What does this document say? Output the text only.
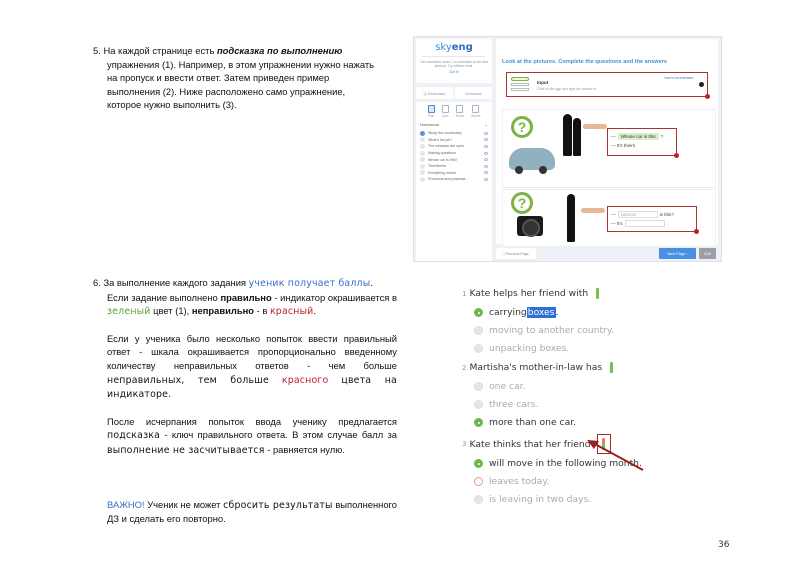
5. На каждой странице есть подсказка по выполнению
упражнения (1). Например, в этом упражнении нужно нажать
на пропуск и ввести ответ. Затем приведен пример
выполнения (2). Ниже расположено само упражнение,
которое нужно выполнить (3).
skyeng
Get maximum score. Do exercises at the first attempt. Try without hints.
Got it!
Q Dictionary	Grammar
Plan Quiz Notes Words
Homework	⌄
Study the vocabulary
What's his job?
The windows are open
Making questions
Whose car is this?
Their/theirs
Everything mixed
Pronouns and possessi...
Look at the pictures. Complete the questions and the answers
Input
Click on the gap and type the answer in
How to do exercises
?
—	Whose car is this	?
— It's theirs.
?
—	camera	is this?
— It's	.
‹ Previous Page	Next Page ›	Exit
6. За выполнение каждого задания ученик получает баллы.
Если задание выполнено правильно - индикатор окрашивается в зеленый цвет (1), неправильно - в красный.
Если у ученика было несколько попыток ввести правильный ответ - шкала окрашивается пропорционально введенному количеству неправильных ответов - чем больше неправильных, тем больше красного цвета на индикаторе.
После исчерпания попыток ввода ученику предлагается подсказка - ключ правильного ответа. В этом случае балл за выполнение не засчитывается - равняется нулю.
ВАЖНО! Ученик не может сбросить результаты выполненного ДЗ и сделать его повторно.
1 Kate helps her friend with
carrying boxes .
moving to another country.
unpacking boxes.
2 Martisha's mother-in-law has
one car.
three cars.
more than one car.
3 Kate thinks that her friend
will move in the following month.
leaves today.
is leaving in two days.
36
